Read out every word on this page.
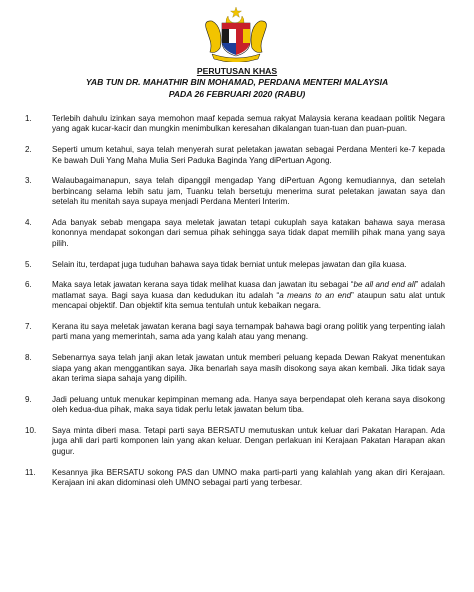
PERUTUSAN KHAS
YAB TUN DR. MAHATHIR BIN MOHAMAD, PERDANA MENTERI MALAYSIA
PADA 26 FEBRUARI 2020 (RABU)
1.	Terlebih dahulu izinkan saya memohon maaf kepada semua rakyat Malaysia kerana keadaan politik Negara yang agak kucar-kacir dan mungkin menimbulkan keresahan dikalangan tuan-tuan dan puan-puan.
2.	Seperti umum ketahui, saya telah menyerah surat peletakan jawatan sebagai Perdana Menteri ke-7 kepada Ke bawah Duli Yang Maha Mulia Seri Paduka Baginda Yang diPertuan Agong.
3.	Walaubagaimanapun, saya telah dipanggil mengadap Yang diPertuan Agong kemudiannya, dan setelah berbincang selama lebih satu jam, Tuanku telah bersetuju menerima surat peletakan jawatan saya dan setelah itu menitah saya supaya menjadi Perdana Menteri Interim.
4.	Ada banyak sebab mengapa saya meletak jawatan tetapi cukuplah saya katakan bahawa saya merasa kononnya mendapat sokongan dari semua pihak sehingga saya tidak dapat memilih pihak mana yang saya pilih.
5.	Selain itu, terdapat juga tuduhan bahawa saya tidak berniat untuk melepas jawatan dan gila kuasa.
6.	Maka saya letak jawatan kerana saya tidak melihat kuasa dan jawatan itu sebagai “be all and end all” adalah matlamat saya. Bagi saya kuasa dan kedudukan itu adalah “a means to an end” ataupun satu alat untuk mencapai objektif. Dan objektif kita semua tentulah untuk kebaikan negara.
7.	Kerana itu saya meletak jawatan kerana bagi saya ternampak bahawa bagi orang politik yang terpenting ialah parti mana yang memerintah, sama ada yang kalah atau yang menang.
8.	Sebenarnya saya telah janji akan letak jawatan untuk memberi peluang kepada Dewan Rakyat menentukan siapa yang akan menggantikan saya. Jika benarlah saya masih disokong saya akan kembali. Jika tidak saya akan terima siapa sahaja yang dipilih.
9.	Jadi peluang untuk menukar kepimpinan memang ada. Hanya saya berpendapat oleh kerana saya disokong oleh kedua-dua pihak, maka saya tidak perlu letak jawatan belum tiba.
10.	Saya minta diberi masa. Tetapi parti saya BERSATU memutuskan untuk keluar dari Pakatan Harapan. Ada juga ahli dari parti komponen lain yang akan keluar. Dengan perlakuan ini Kerajaan Pakatan Harapan akan gugur.
11.	Kesannya jika BERSATU sokong PAS dan UMNO maka parti-parti yang kalahlah yang akan diri Kerajaan. Kerajaan ini akan didominasi oleh UMNO sebagai parti yang terbesar.
